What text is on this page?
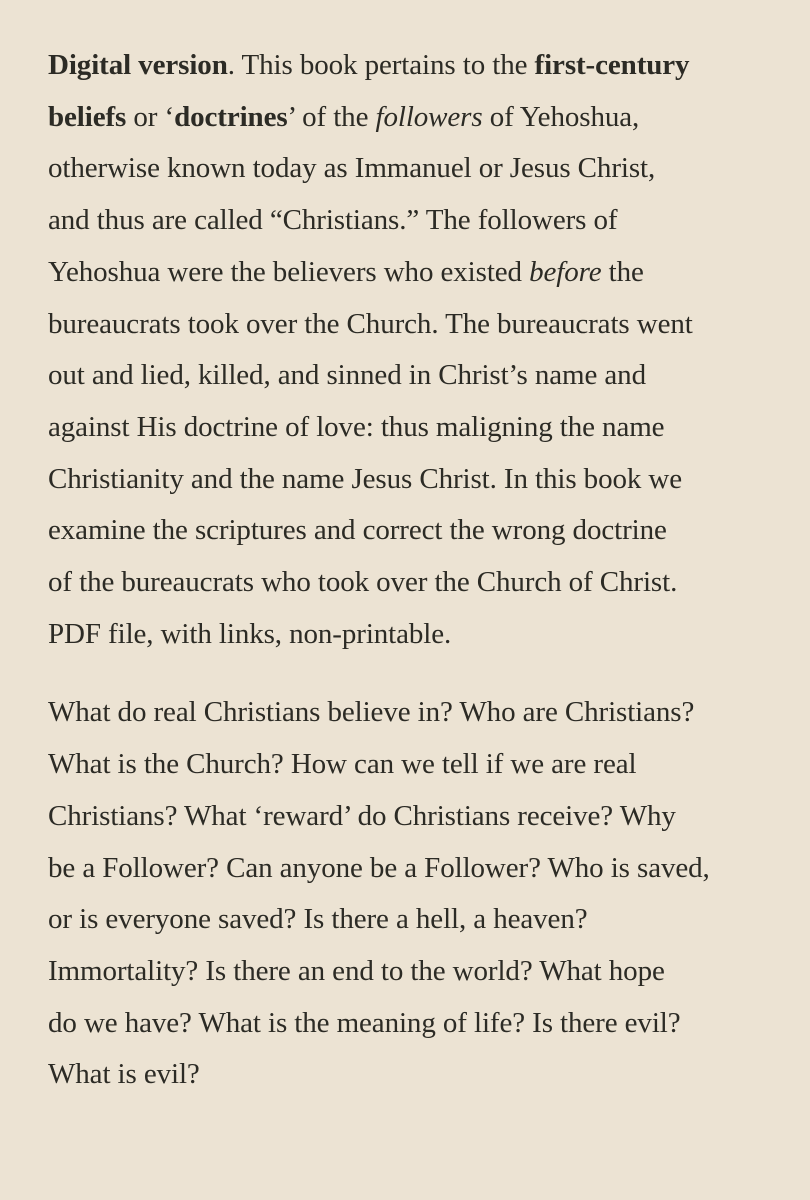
Digital version. This book pertains to the first-century
beliefs or ‘doctrines’ of the followers of Yehoshua,
otherwise known today as Immanuel or Jesus Christ,
and thus are called “Christians.” The followers of
Yehoshua were the believers who existed before the
bureaucrats took over the Church. The bureaucrats went
out and lied, killed, and sinned in Christ’s name and
against His doctrine of love: thus maligning the name
Christianity and the name Jesus Christ. In this book we
examine the scriptures and correct the wrong doctrine
of the bureaucrats who took over the Church of Christ.
PDF file, with links, non-printable.

What do real Christians believe in? Who are Christians?
What is the Church? How can we tell if we are real
Christians? What ‘reward’ do Christians receive? Why
be a Follower? Can anyone be a Follower? Who is saved,
or is everyone saved? Is there a hell, a heaven?
Immortality? Is there an end to the world? What hope
do we have? What is the meaning of life? Is there evil?
What is evil?
